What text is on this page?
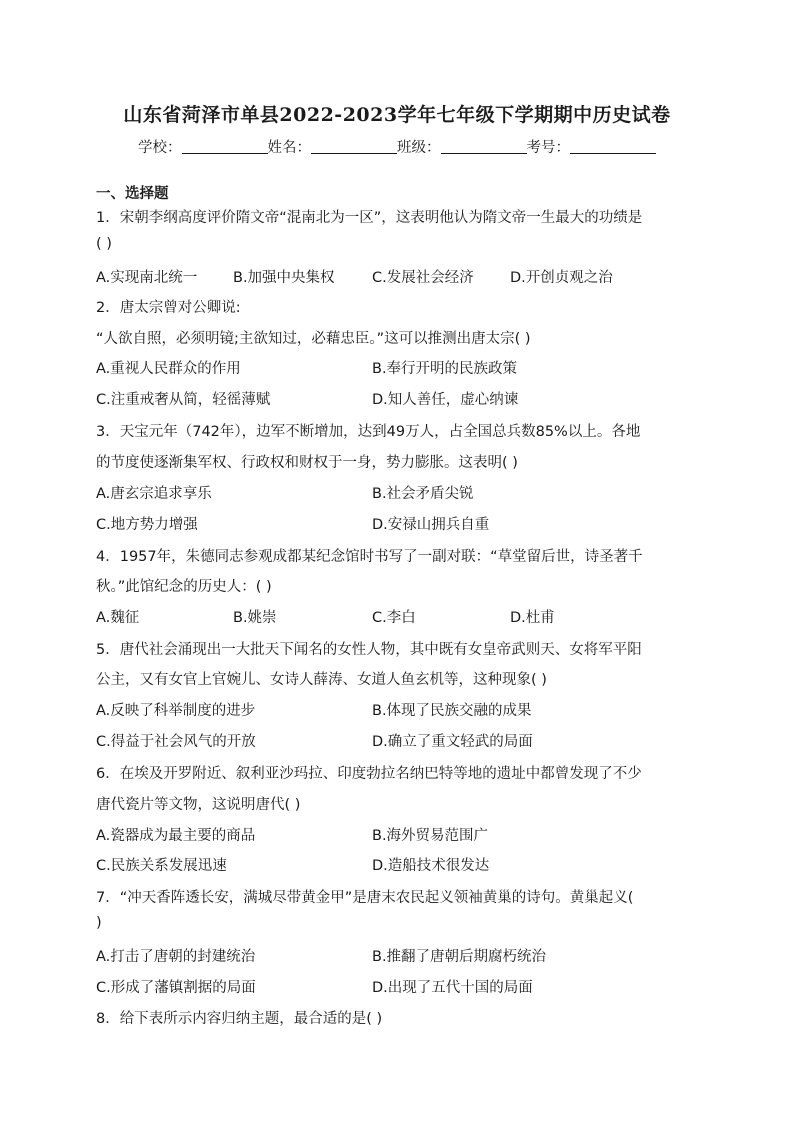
山东省菏泽市单县2022-2023学年七年级下学期期中历史试卷
学校：	姓名：	班级：	考号：
一、选择题
1．宋朝李纲高度评价隋文帝“混南北为一区”，这表明他认为隋文帝一生最大的功绩是
( )
A.实现南北统一 B.加强中央集权	C.发展社会经济	D.开创贞观之治
2．唐太宗曾对公卿说:
“人欲自照，必须明镜;主欲知过，必藉忠臣。”这可以推测出唐太宗( )
A.重视人民群众的作用	B.奉行开明的民族政策
C.注重戒奢从简，轻徭薄赋	D.知人善任，虚心纳谏
3．天宝元年（742年），边军不断增加，达到49万人，占全国总兵数85%以上。各地
的节度使逐渐集军权、行政权和财权于一身，势力膨胀。这表明( )
A.唐玄宗追求享乐	B.社会矛盾尖锐
C.地方势力增强	D.安禄山拥兵自重
4．1957年，朱德同志参观成都某纪念馆时书写了一副对联：“草堂留后世，诗圣著千
秋。”此馆纪念的历史人：( )
A.魏征	B.姚崇	C.李白	D.杜甫
5．唐代社会涌现出一大批天下闻名的女性人物，其中既有女皇帝武则天、女将军平阳
公主，又有女官上官婉儿、女诗人薛涛、女道人鱼玄机等，这种现象( )
A.反映了科举制度的进步	B.体现了民族交融的成果
C.得益于社会风气的开放	D.确立了重文轻武的局面
6．在埃及开罗附近、叙利亚沙玛拉、印度勃拉名纳巴特等地的遗址中都曾发现了不少
唐代瓷片等文物，这说明唐代( )
A.瓷器成为最主要的商品	B.海外贸易范围广
C.民族关系发展迅速	D.造船技术很发达
7．“冲天香阵透长安，满城尽带黄金甲”是唐末农民起义领袖黄巢的诗句。黄巢起义(
)
A.打击了唐朝的封建统治	B.推翻了唐朝后期腐朽统治
C.形成了藩镇割据的局面	D.出现了五代十国的局面
8．给下表所示内容归纳主题，最合适的是( )
